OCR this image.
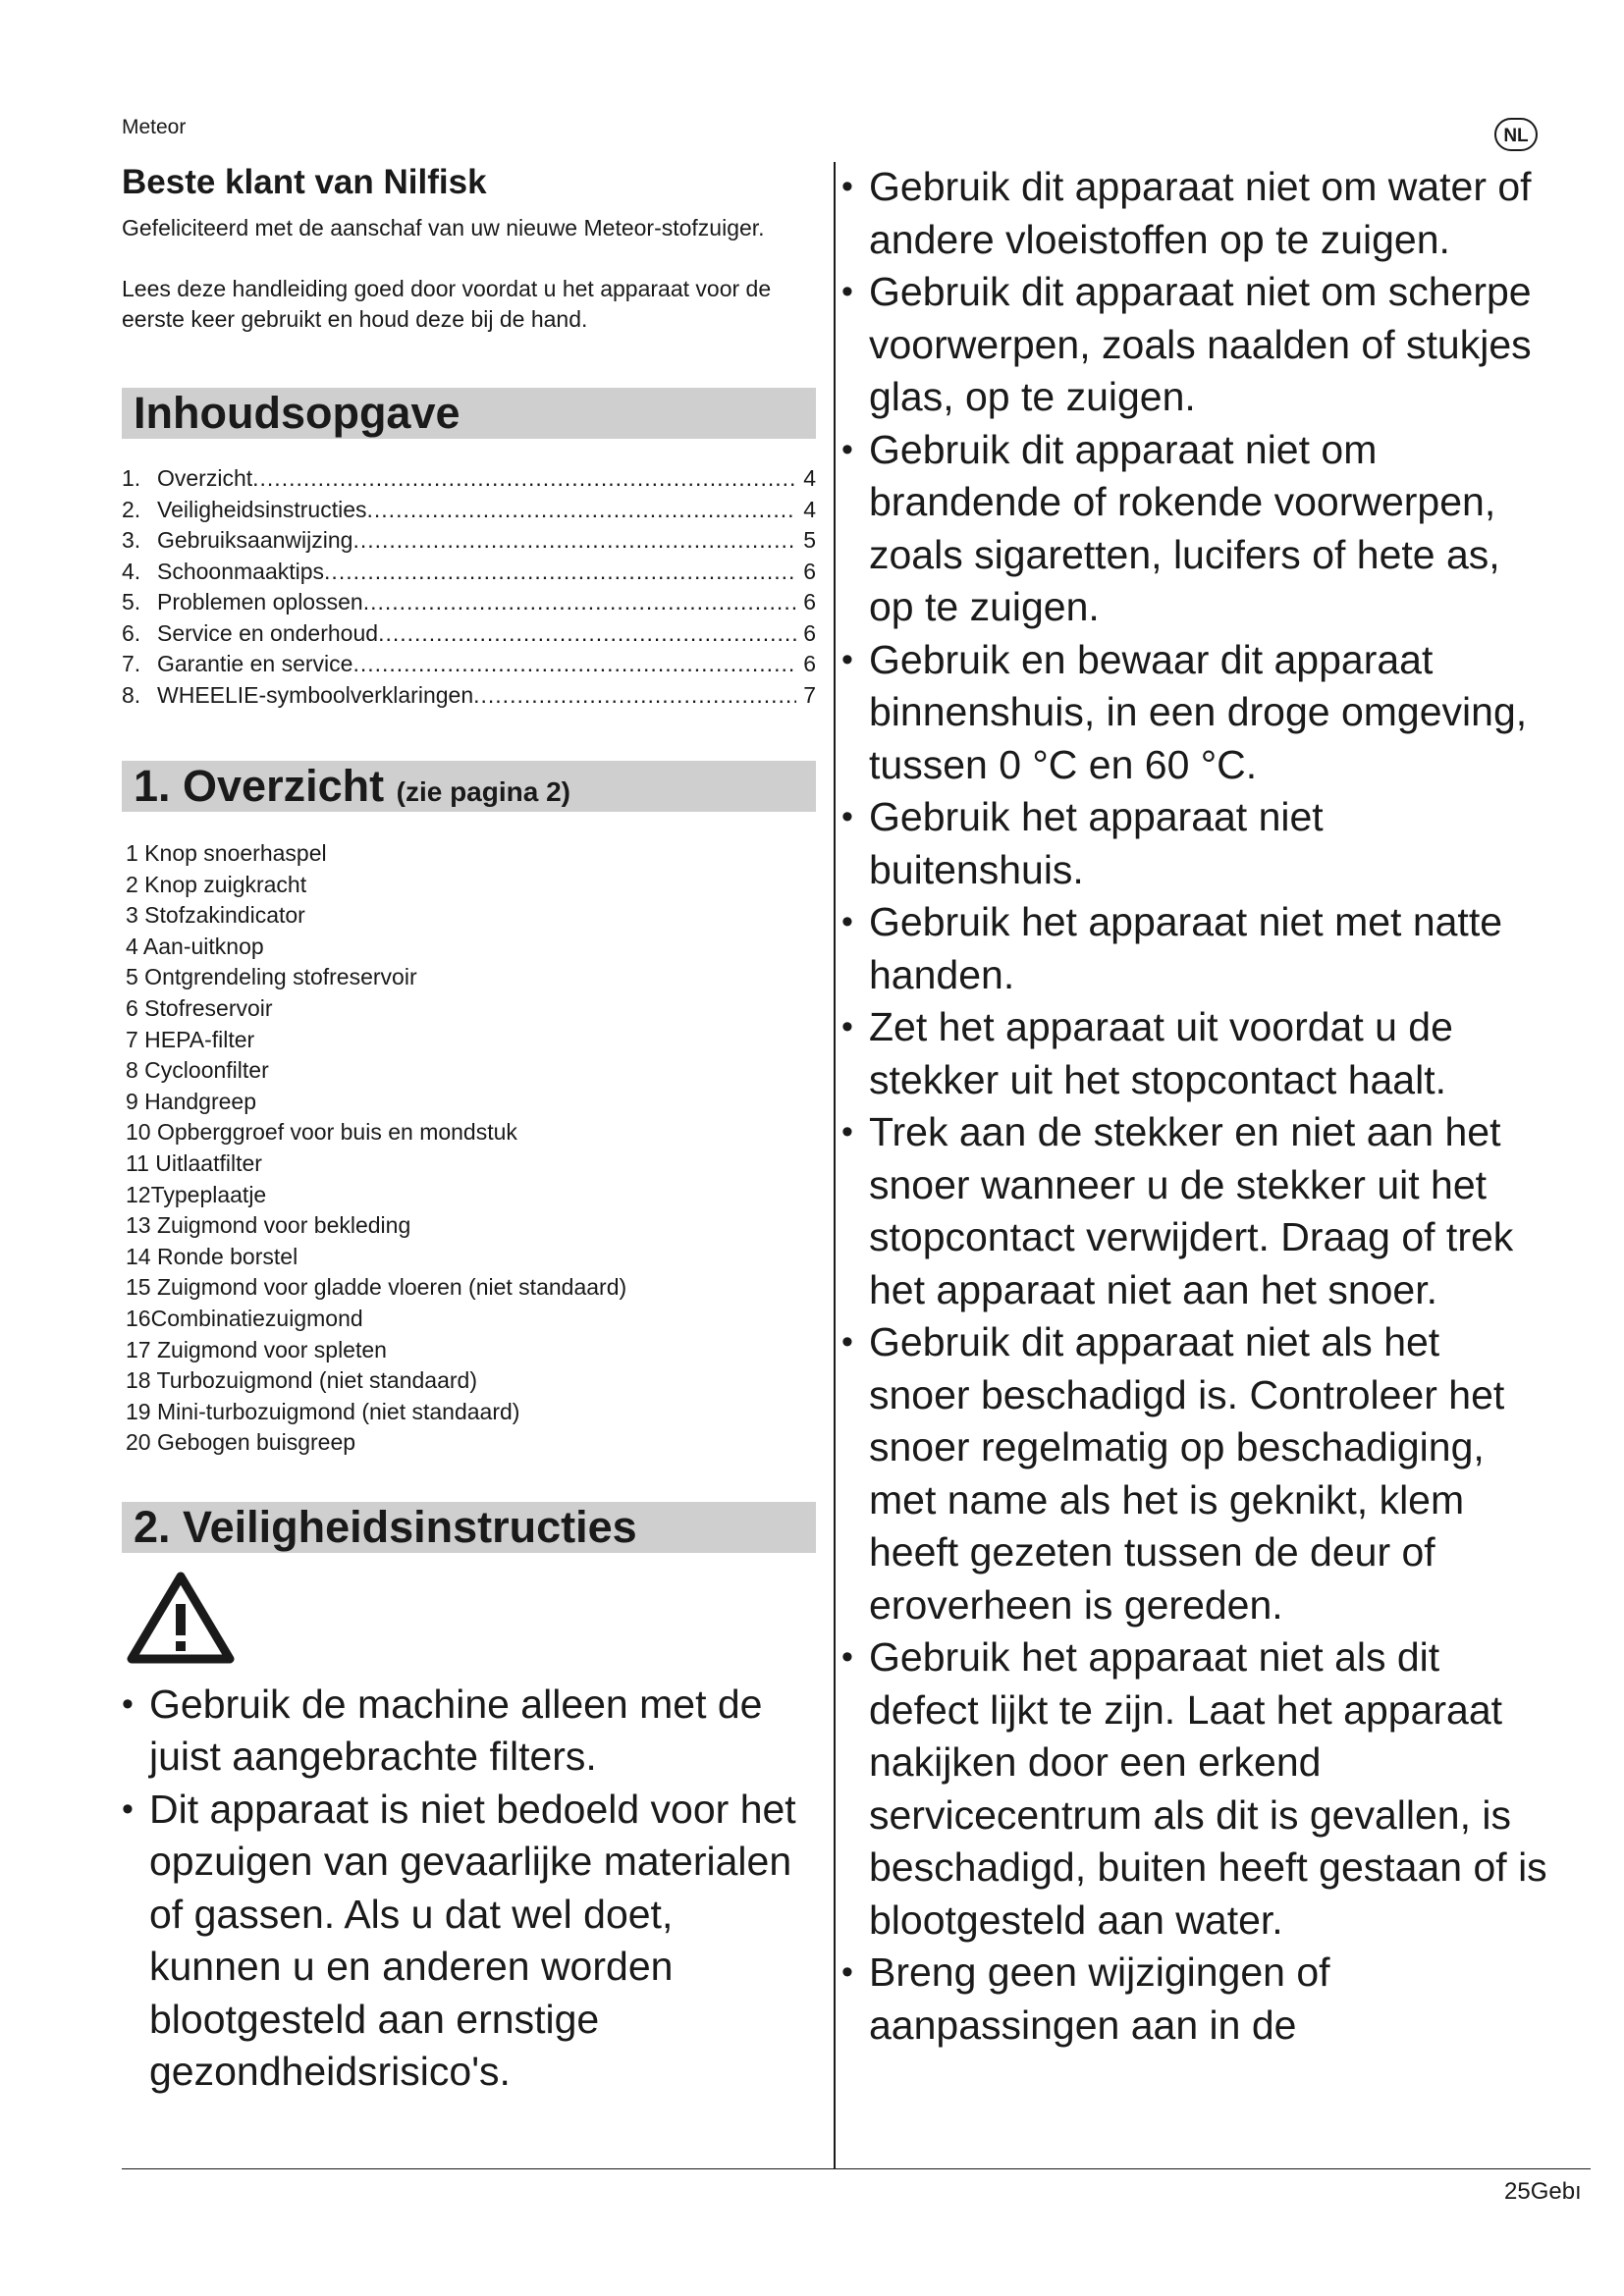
Meteor	NL
Beste klant van Nilfisk

Gefeliciteerd met de aanschaf van uw nieuwe Meteor-stofzuiger.

Lees deze handleiding goed door voordat u het apparaat voor de eerste keer gebruikt en houd deze bij de hand.

Inhoudsopgave
1. Overzicht .....	4
2. Veiligheidsinstructies .....	4
3. Gebruiksaanwijzing .....	5
4. Schoonmaaktips .....	6
5. Problemen oplossen .....	6
6. Service en onderhoud .....	6
7. Garantie en service .....	6
8. WHEELIE-symboolverklaringen .....	7
1. Overzicht (zie pagina 2)
1 Knop snoerhaspel
2 Knop zuigkracht
3 Stofzakindicator
4 Aan-uitknop
5 Ontgrendeling stofreservoir
6 Stofreservoir
7 HEPA-filter
8 Cycloonfilter
9 Handgreep
10 Opberggroef voor buis en mondstuk
11 Uitlaatfilter
12Typeplaatje
13 Zuigmond voor bekleding
14 Ronde borstel
15 Zuigmond voor gladde vloeren (niet standaard)
16Combinatiezuigmond
17 Zuigmond voor spleten
18 Turbozuigmond (niet standaard)
19 Mini-turbozuigmond (niet standaard)
20 Gebogen buisgreep
2. Veiligheidsinstructies
• Gebruik de machine alleen met de juist aangebrachte filters.
• Dit apparaat is niet bedoeld voor het opzuigen van gevaarlijke materialen of gassen. Als u dat wel doet, kunnen u en anderen worden blootgesteld aan ernstige gezondheidsrisico's.
• Gebruik dit apparaat niet om water of andere vloeistoffen op te zuigen.
• Gebruik dit apparaat niet om scherpe voorwerpen, zoals naalden of stukjes glas, op te zuigen.
• Gebruik dit apparaat niet om brandende of rokende voorwerpen, zoals sigaretten, lucifers of hete as, op te zuigen.
• Gebruik en bewaar dit apparaat binnenshuis, in een droge omgeving, tussen 0 °C en 60 °C.
• Gebruik het apparaat niet buitenshuis.
• Gebruik het apparaat niet met natte handen.
• Zet het apparaat uit voordat u de stekker uit het stopcontact haalt.
• Trek aan de stekker en niet aan het snoer wanneer u de stekker uit het stopcontact verwijdert. Draag of trek het apparaat niet aan het snoer.
• Gebruik dit apparaat niet als het snoer beschadigd is. Controleer het snoer regelmatig op beschadiging, met name als het is geknikt, klem heeft gezeten tussen de deur of eroverheen is gereden.
• Gebruik het apparaat niet als dit defect lijkt te zijn. Laat het apparaat nakijken door een erkend servicecentrum als dit is gevallen, is beschadigd, buiten heeft gestaan of is blootgesteld aan water.
• Breng geen wijzigingen of aanpassingen aan in de
25Gebı
